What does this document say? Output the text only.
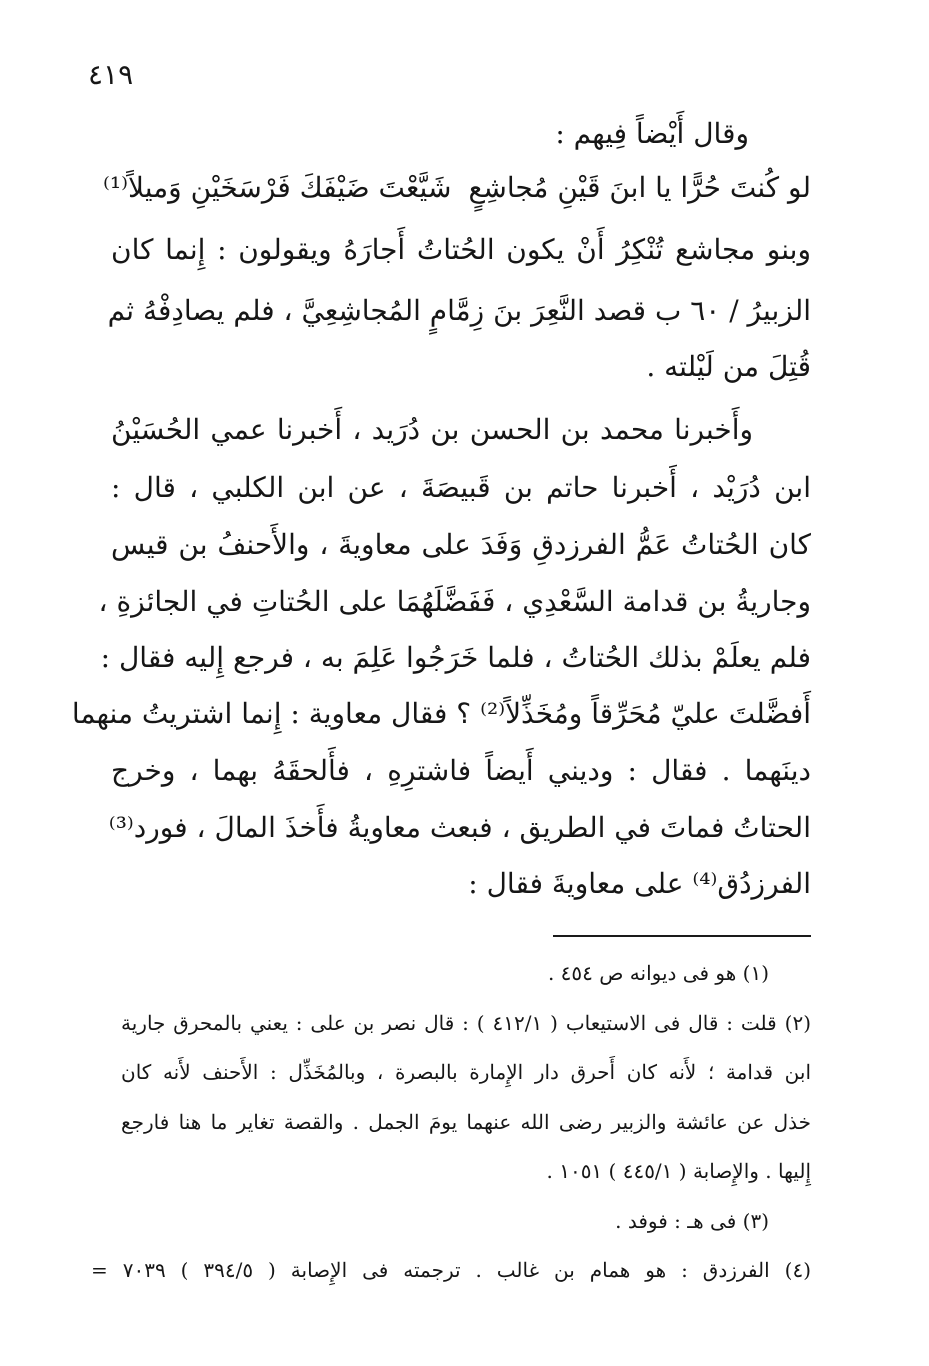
٤١٩
وقال أَيْضاً فِيهم :
لو كُنتَ حُرًّا يا ابنَ قَيْنِ مُجاشِعٍ
شَيَّعْتَ ضَيْفَكَ فَرْسَخَيْنِ وَميلاً⁽¹⁾
وبنو مجاشع تُنْكِرُ أَنْ يكون الحُتاتُ أَجارَهُ ويقولون : إِنما كان
الزبيرُ / ٦٠ ب قصد النَّعِرَ بنَ زِمَّامٍ المُجاشِعِيَّ ، فلم يصادِفْهُ ثم
قُتِلَ من لَيْلته .
وأَخبرنا محمد بن الحسن بن دُرَيد ، أَخبرنا عمي الحُسَيْنُ
ابن دُرَيْد ، أَخبرنا حاتم بن قَبيصَةَ ، عن ابن الكلبي ، قال :
كان الحُتاتُ عَمُّ الفرزدقِ وَفَدَ على معاويةَ ، والأَحنفُ بن قيس
وجاريةُ بن قدامة السَّعْدِي ، فَفَضَّلَهُمَا على الحُتاتِ في الجائزةِ ،
فلم يعلَمْ بذلك الحُتاتُ ، فلما خَرَجُوا عَلِمَ به ، فرجع إِليه فقال :
أَفضَّلتَ عليّ مُحَرِّقاً ومُخَذِّلاً⁽²⁾ ؟ فقال معاوية : إِنما اشتريتُ منهما
دينَهما . فقال : وديني أَيضاً فاشترِهِ ، فأَلحقَهُ بهما ، وخرج
الحتاتُ فماتَ في الطريق ، فبعث معاويةُ فأَخذَ المالَ ، فورد⁽³⁾
الفرزدُق⁽⁴⁾ على معاويةَ فقال :
(١) هو فى ديوانه ص ٤٥٤ .
(٢) قلت : قال فى الاستيعاب ( ٤١٢/١ ) : قال نصر بن على : يعني بالمحرق جارية
ابن قدامة ؛ لأَنه كان أَحرق دار الإِمارة بالبصرة ، وبالمُخَذِّل : الأَحنف لأَنه كان
خذل عن عائشة والزبير رضى الله عنهما يومَ الجمل . والقصة تغاير ما هنا فارجع
إِليها . والإِصابة ( ٤٤٥/١ ) ١٠٥١ .
(٣) فى هـ : فوفد .
(٤) الفرزدق : هو همام بن غالب . ترجمته فى الإِصابة ( ٣٩٤/٥ ) ٧٠٣٩ =
